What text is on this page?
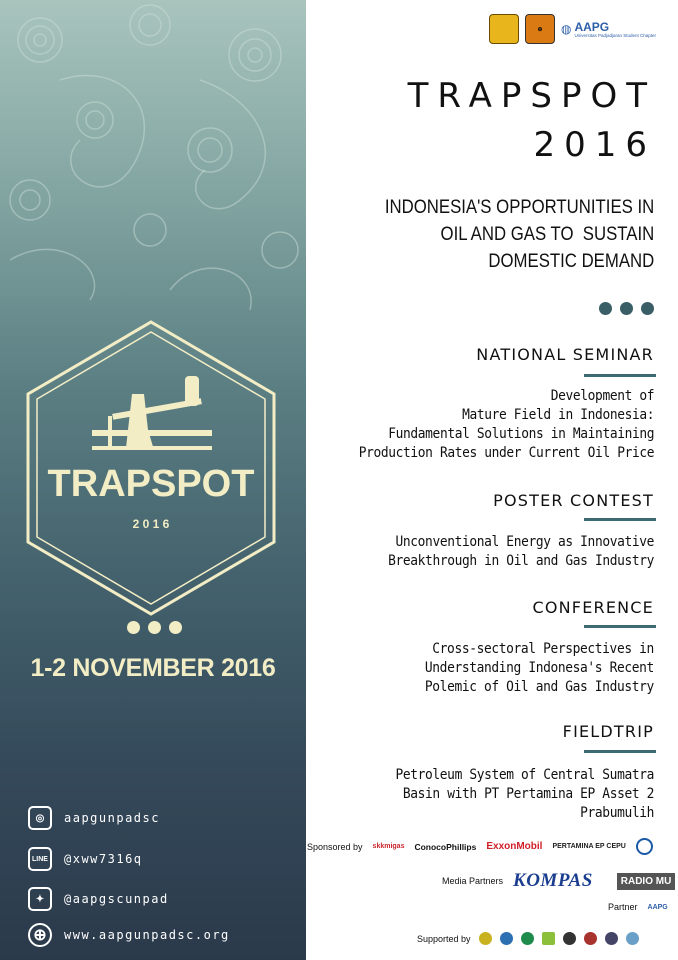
TRAPSPOT
2 0 1 6
1-2 NOVEMBER 2016
◎	aapgunpadsc
LINE	@xww7316q
✦	@aapgscunpad
⊕	www.aapgunpadsc.org
⊕	◍ AAPG
Universitas Padjadjaran Student Chapter
TRAPSPOT
2016
INDONESIA'S OPPORTUNITIES IN
OIL AND GAS TO  SUSTAIN
DOMESTIC DEMAND
NATIONAL SEMINAR
Development of
Mature Field in Indonesia:
Fundamental Solutions in Maintaining
Production Rates under Current Oil Price
POSTER CONTEST
Unconventional Energy as Innovative
Breakthrough in Oil and Gas Industry
CONFERENCE
Cross-sectoral Perspectives in
Understanding Indonesa's Recent
Polemic of Oil and Gas Industry
FIELDTRIP
Petroleum System of Central Sumatra
Basin with PT Pertamina EP Asset 2
Prabumulih
Sponsored by skkmigas ConocoPhillips ExxonMobil PERTAMINA EP CEPU
Media Partners KOMPAS	RADIO MU
Partner AAPG
Supported by
